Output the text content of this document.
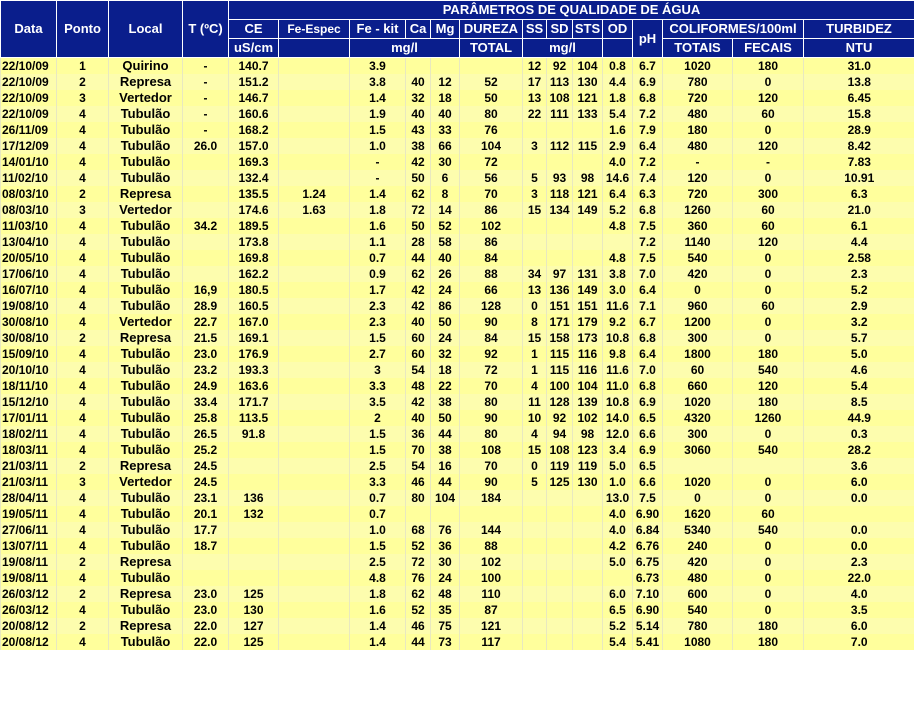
Data	Ponto	Local	T (ºC)	PARÂMETROS DE QUALIDADE DE ÁGUA													
				CE	Fe-Espec	Fe - kit	Ca	Mg	DUREZA	SS	SD	STS	OD	pH	COLIFORMES/100ml		TURBIDEZ
				uS/cm		mg/l			TOTAL	mg/l					TOTAIS	FECAIS	NTU
22/10/09	1	Quirino	-	140.7		3.9				12	92	104	0.8	6.7	1020	180	31.0
22/10/09	2	Represa	-	151.2		3.8	40	12	52	17	113	130	4.4	6.9	780	0	13.8
22/10/09	3	Vertedor	-	146.7		1.4	32	18	50	13	108	121	1.8	6.8	720	120	6.45
22/10/09	4	Tubulão	-	160.6		1.9	40	40	80	22	111	133	5.4	7.2	480	60	15.8
26/11/09	4	Tubulão	-	168.2		1.5	43	33	76				1.6	7.9	180	0	28.9
17/12/09	4	Tubulão	26.0	157.0		1.0	38	66	104	3	112	115	2.9	6.4	480	120	8.42
14/01/10	4	Tubulão		169.3		-	42	30	72				4.0	7.2	-	-	7.83
11/02/10	4	Tubulão		132.4		-	50	6	56	5	93	98	14.6	7.4	120	0	10.91
08/03/10	2	Represa		135.5	1.24	1.4	62	8	70	3	118	121	6.4	6.3	720	300	6.3
08/03/10	3	Vertedor		174.6	1.63	1.8	72	14	86	15	134	149	5.2	6.8	1260	60	21.0
11/03/10	4	Tubulão	34.2	189.5		1.6	50	52	102				4.8	7.5	360	60	6.1
13/04/10	4	Tubulão		173.8		1.1	28	58	86					7.2	1140	120	4.4
20/05/10	4	Tubulão		169.8		0.7	44	40	84				4.8	7.5	540	0	2.58
17/06/10	4	Tubulão		162.2		0.9	62	26	88	34	97	131	3.8	7.0	420	0	2.3
16/07/10	4	Tubulão	16,9	180.5		1.7	42	24	66	13	136	149	3.0	6.4	0	0	5.2
19/08/10	4	Tubulão	28.9	160.5		2.3	42	86	128	0	151	151	11.6	7.1	960	60	2.9
30/08/10	4	Vertedor	22.7	167.0		2.3	40	50	90	8	171	179	9.2	6.7	1200	0	3.2
30/08/10	2	Represa	21.5	169.1		1.5	60	24	84	15	158	173	10.8	6.8	300	0	5.7
15/09/10	4	Tubulão	23.0	176.9		2.7	60	32	92	1	115	116	9.8	6.4	1800	180	5.0
20/10/10	4	Tubulão	23.2	193.3		3	54	18	72	1	115	116	11.6	7.0	60	540	4.6
18/11/10	4	Tubulão	24.9	163.6		3.3	48	22	70	4	100	104	11.0	6.8	660	120	5.4
15/12/10	4	Tubulão	33.4	171.7		3.5	42	38	80	11	128	139	10.8	6.9	1020	180	8.5
17/01/11	4	Tubulão	25.8	113.5		2	40	50	90	10	92	102	14.0	6.5	4320	1260	44.9
18/02/11	4	Tubulão	26.5	91.8		1.5	36	44	80	4	94	98	12.0	6.6	300	0	0.3
18/03/11	4	Tubulão	25.2			1.5	70	38	108	15	108	123	3.4	6.9	3060	540	28.2
21/03/11	2	Represa	24.5			2.5	54	16	70	0	119	119	5.0	6.5			3.6
21/03/11	3	Vertedor	24.5			3.3	46	44	90	5	125	130	1.0	6.6	1020	0	6.0
28/04/11	4	Tubulão	23.1	136		0.7	80	104	184				13.0	7.5	0	0	0.0
19/05/11	4	Tubulão	20.1	132		0.7							4.0	6.90	1620	60	
27/06/11	4	Tubulão	17.7			1.0	68	76	144				4.0	6.84	5340	540	0.0
13/07/11	4	Tubulão	18.7			1.5	52	36	88				4.2	6.76	240	0	0.0
19/08/11	2	Represa				2.5	72	30	102				5.0	6.75	420	0	2.3
19/08/11	4	Tubulão				4.8	76	24	100					6.73	480	0	22.0
26/03/12	2	Represa	23.0	125		1.8	62	48	110				6.0	7.10	600	0	4.0
26/03/12	4	Tubulão	23.0	130		1.6	52	35	87				6.5	6.90	540	0	3.5
20/08/12	2	Represa	22.0	127		1.4	46	75	121				5.2	5.14	780	180	6.0
20/08/12	4	Tubulão	22.0	125		1.4	44	73	117				5.4	5.41	1080	180	7.0
